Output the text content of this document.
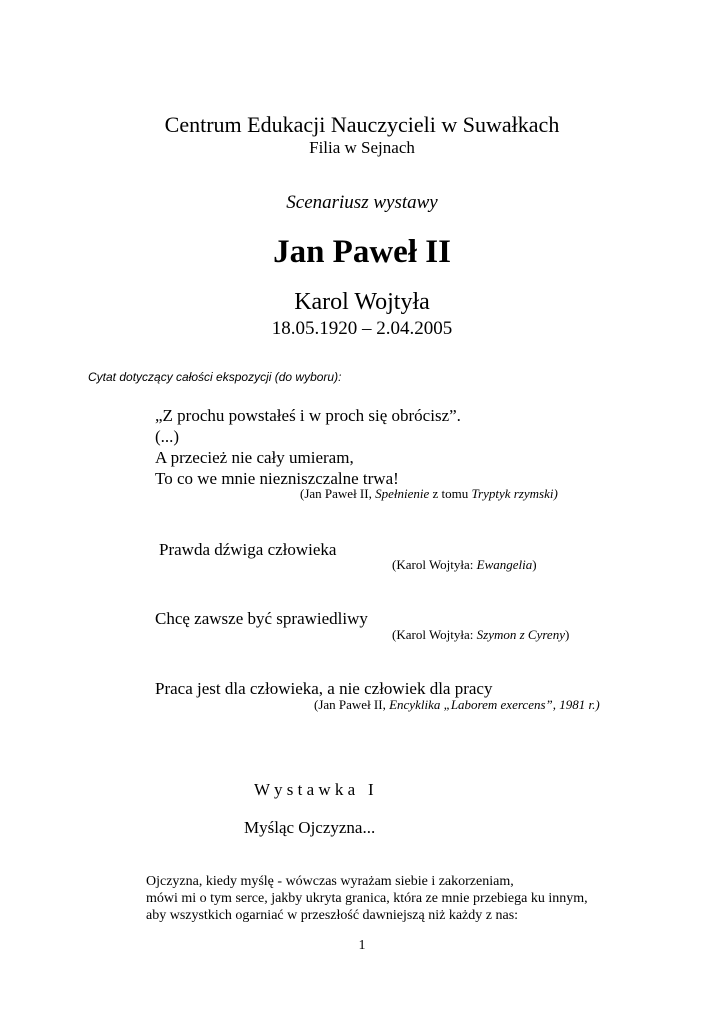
Centrum Edukacji Nauczycieli w Suwałkach
Filia w Sejnach
Scenariusz wystawy
Jan Paweł II
Karol Wojtyła
18.05.1920 – 2.04.2005
Cytat dotyczący całości ekspozycji (do wyboru):
„Z prochu powstałeś i w proch się obrócisz”.
(...)
A przecież nie cały umieram,
To co we mnie niezniszczalne trwa!
(Jan Paweł II, Spełnienie z tomu Tryptyk rzymski)
Prawda dźwiga człowieka
(Karol Wojtyła: Ewangelia)
Chcę zawsze być sprawiedliwy
(Karol Wojtyła: Szymon z Cyreny)
Praca jest dla człowieka, a nie człowiek dla pracy
(Jan Paweł II, Encyklika „Laborem exercens”, 1981 r.)
W y s t a w k a   I
Myśląc Ojczyzna...
Ojczyzna, kiedy myślę - wówczas wyrażam siebie i zakorzeniam,
mówi mi o tym serce, jakby ukryta granica, która ze mnie przebiega ku innym,
aby wszystkich ogarniać w przeszłość dawniejszą niż każdy z nas:
1
